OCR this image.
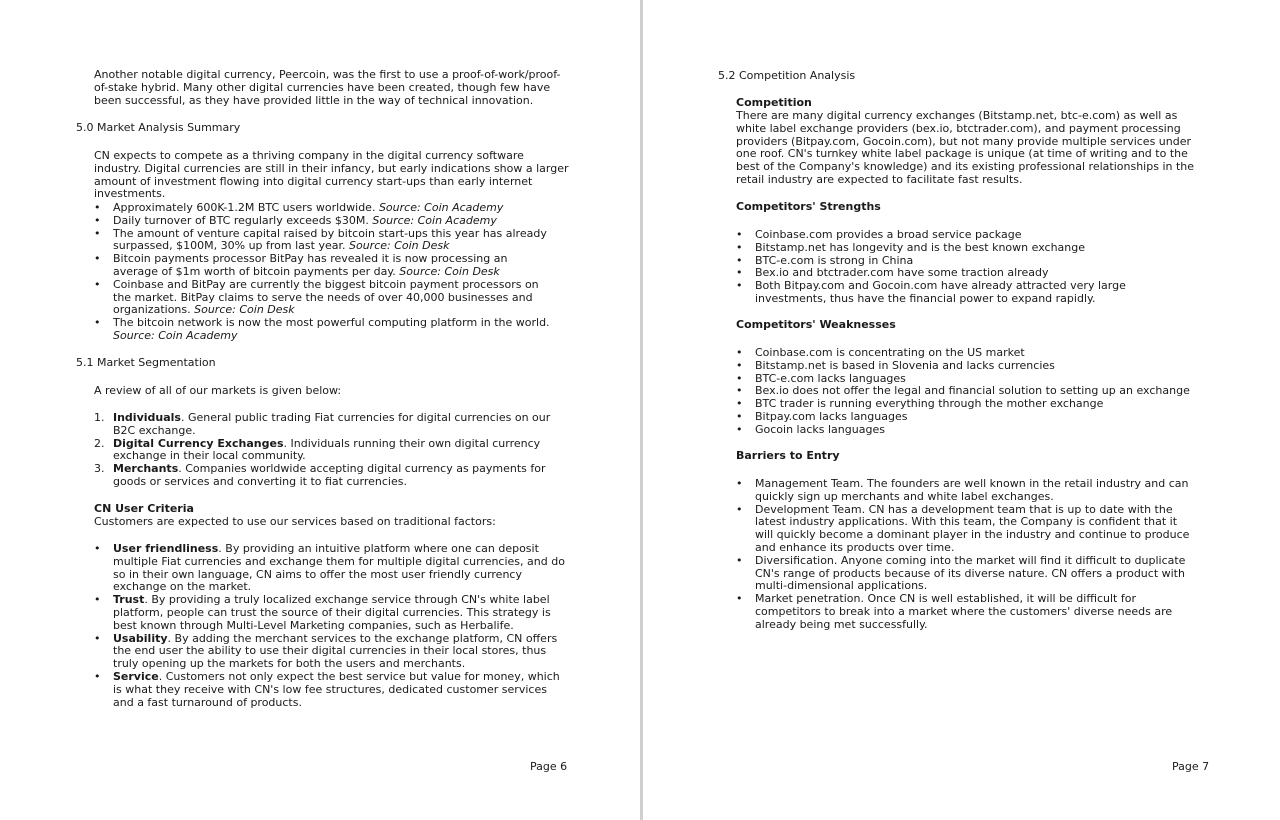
Another notable digital currency, Peercoin, was the first to use a proof-of-work/proof-of-stake hybrid. Many other digital currencies have been created, though few have been successful, as they have provided little in the way of technical innovation.
5.0 Market Analysis Summary
CN expects to compete as a thriving company in the digital currency software industry. Digital currencies are still in their infancy, but early indications show a larger amount of investment flowing into digital currency start-ups than early internet investments.
• Approximately 600K-1.2M BTC users worldwide. Source: Coin Academy
• Daily turnover of BTC regularly exceeds $30M. Source: Coin Academy
• The amount of venture capital raised by bitcoin start-ups this year has already surpassed, $100M, 30% up from last year. Source: Coin Desk
• Bitcoin payments processor BitPay has revealed it is now processing an average of $1m worth of bitcoin payments per day. Source: Coin Desk
• Coinbase and BitPay are currently the biggest bitcoin payment processors on the market. BitPay claims to serve the needs of over 40,000 businesses and organizations. Source: Coin Desk
• The bitcoin network is now the most powerful computing platform in the world. Source: Coin Academy
5.1 Market Segmentation
A review of all of our markets is given below:
1. Individuals. General public trading Fiat currencies for digital currencies on our B2C exchange.
2. Digital Currency Exchanges. Individuals running their own digital currency exchange in their local community.
3. Merchants. Companies worldwide accepting digital currency as payments for goods or services and converting it to fiat currencies.
CN User Criteria
Customers are expected to use our services based on traditional factors:
• User friendliness. By providing an intuitive platform where one can deposit multiple Fiat currencies and exchange them for multiple digital currencies, and do so in their own language, CN aims to offer the most user friendly currency exchange on the market.
• Trust. By providing a truly localized exchange service through CN's white label platform, people can trust the source of their digital currencies. This strategy is best known through Multi-Level Marketing companies, such as Herbalife.
• Usability. By adding the merchant services to the exchange platform, CN offers the end user the ability to use their digital currencies in their local stores, thus truly opening up the markets for both the users and merchants.
• Service. Customers not only expect the best service but value for money, which is what they receive with CN's low fee structures, dedicated customer services and a fast turnaround of products.
Page 6
5.2 Competition Analysis
Competition
There are many digital currency exchanges (Bitstamp.net, btc-e.com) as well as white label exchange providers (bex.io, btctrader.com), and payment processing providers (Bitpay.com, Gocoin.com), but not many provide multiple services under one roof. CN's turnkey white label package is unique (at time of writing and to the best of the Company's knowledge) and its existing professional relationships in the retail industry are expected to facilitate fast results.
Competitors' Strengths
• Coinbase.com provides a broad service package
• Bitstamp.net has longevity and is the best known exchange
• BTC-e.com is strong in China
• Bex.io and btctrader.com have some traction already
• Both Bitpay.com and Gocoin.com have already attracted very large investments, thus have the financial power to expand rapidly.
Competitors' Weaknesses
• Coinbase.com is concentrating on the US market
• Bitstamp.net is based in Slovenia and lacks currencies
• BTC-e.com lacks languages
• Bex.io does not offer the legal and financial solution to setting up an exchange
• BTC trader is running everything through the mother exchange
• Bitpay.com lacks languages
• Gocoin lacks languages
Barriers to Entry
• Management Team. The founders are well known in the retail industry and can quickly sign up merchants and white label exchanges.
• Development Team. CN has a development team that is up to date with the latest industry applications. With this team, the Company is confident that it will quickly become a dominant player in the industry and continue to produce and enhance its products over time.
• Diversification. Anyone coming into the market will find it difficult to duplicate CN's range of products because of its diverse nature. CN offers a product with multi-dimensional applications.
• Market penetration. Once CN is well established, it will be difficult for competitors to break into a market where the customers' diverse needs are already being met successfully.
Page 7
